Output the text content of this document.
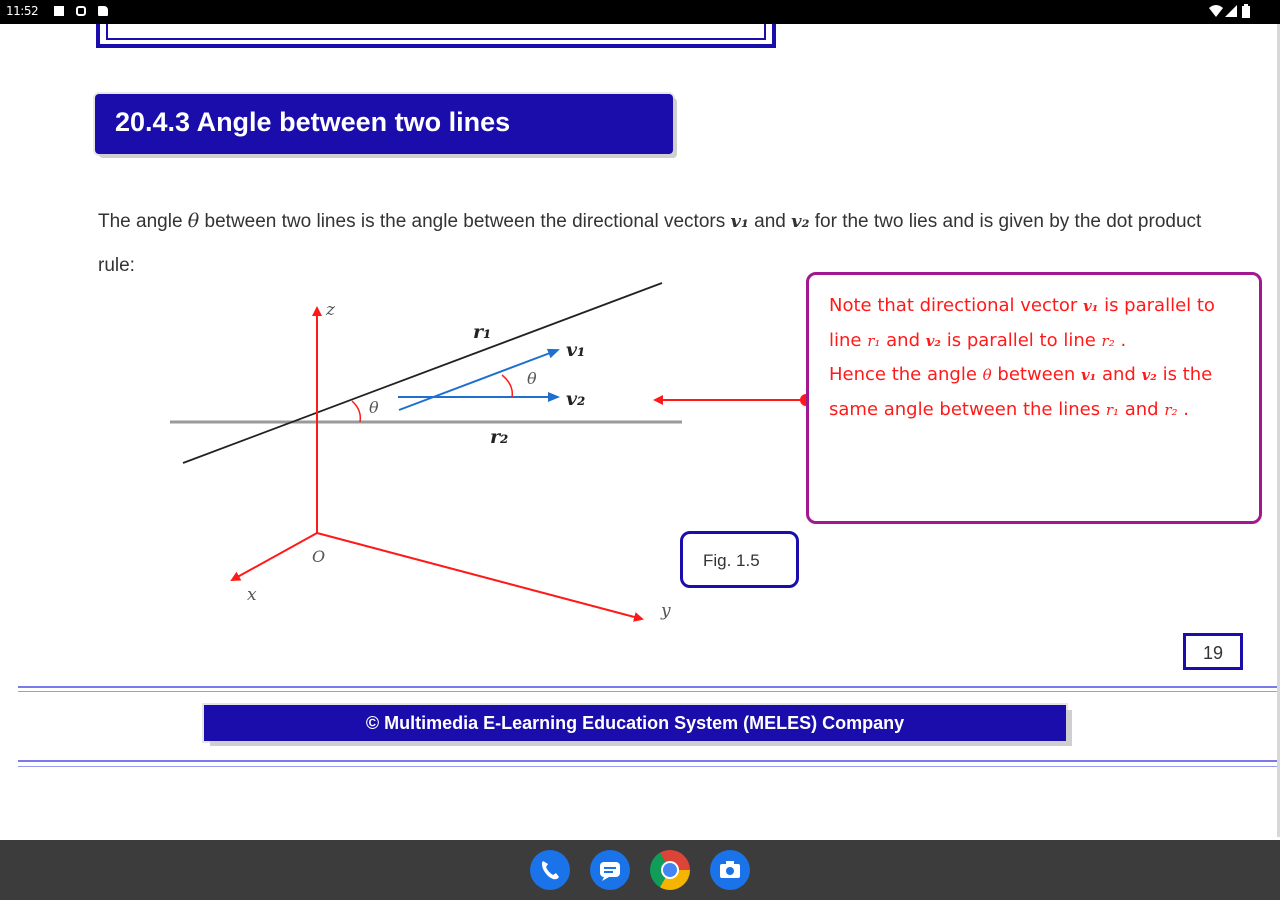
11:52
20.4.3 Angle between two lines
The angle θ between two lines is the angle between the directional vectors v₁ and v₂ for the two lies and is given by the dot product rule:
z
x
y
O
r₁
r₂
v₁
v₂
θ
θ

Note that directional vector v₁ is parallel to line r₁ and v₂ is parallel to line r₂ .
Hence the angle θ between v₁ and v₂ is the same angle between the lines r₁ and r₂ .

Fig. 1.5
19
© Multimedia E-Learning Education System (MELES) Company
